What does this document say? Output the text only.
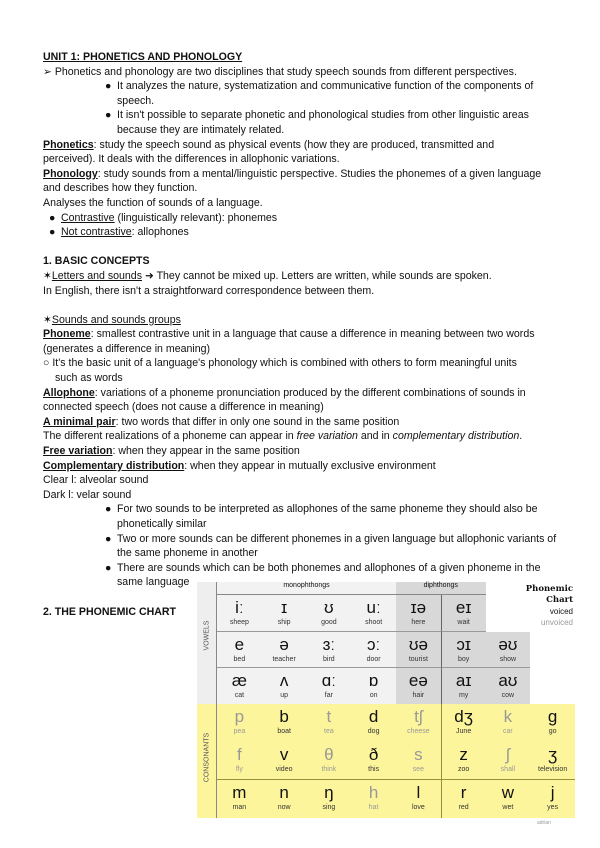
UNIT 1: PHONETICS AND PHONOLOGY
➢ Phonetics and phonology are two disciplines that study speech sounds from different perspectives.
● It analyzes the nature, systematization and communicative function of the components of
speech.
● It isn't possible to separate phonetic and phonological studies from other linguistic areas
because they are intimately related.
Phonetics: study the speech sound as physical events (how they are produced, transmitted and
perceived). It deals with the differences in allophonic variations.
Phonology: study sounds from a mental/linguistic perspective. Studies the phonemes of a given language
and describes how they function.
Analyses the function of sounds of a language.
● Contrastive (linguistically relevant): phonemes
● Not contrastive: allophones
1. BASIC CONCEPTS
✶Letters and sounds ➜ They cannot be mixed up. Letters are written, while sounds are spoken.
In English, there isn't a straightforward correspondence between them.
✶Sounds and sounds groups
Phoneme: smallest contrastive unit in a language that cause a difference in meaning between two words
(generates a difference in meaning)
○ It's the basic unit of a language's phonology which is combined with others to form meaningful units
such as words
Allophone: variations of a phoneme pronunciation produced by the different combinations of sounds in
connected speech (does not cause a difference in meaning)
A minimal pair: two words that differ in only one sound in the same position
The different realizations of a phoneme can appear in free variation and in complementary distribution.
Free variation: when they appear in the same position
Complementary distribution: when they appear in mutually exclusive environment
Clear l: alveolar sound
Dark l: velar sound
● For two sounds to be interpreted as allophones of the same phoneme they should also be
phonetically similar
● Two or more sounds can be different phonemes in a given language but allophonic variants of
the same phoneme in another
● There are sounds which can be both phonemes and allophones of a given phoneme in the
same language
2. THE PHONEMIC CHART
Phonemic
Chart
voiced
unvoiced
VOWELS
CONSONANTS
monophthongs	diphthongs
iː
sheep
ɪ
ship
ʊ
good
uː
shoot
ɪə
here
eɪ
wait
e
bed
ə
teacher
ɜː
bird
ɔː
door
ʊə
tourist
ɔɪ
boy
əʊ
show
æ
cat
ʌ
up
ɑː
far
ɒ
on
eə
hair
aɪ
my
aʊ
cow
p
pea
b
boat
t
tea
d
dog
tʃ
cheese
dʒ
June
k
car
g
go
f
fly
v
video
θ
think
ð
this
s
see
z
zoo
ʃ
shall
ʒ
television
m
man
n
now
ŋ
sing
h
hat
l
love
r
red
w
wet
j
yes
adrian
